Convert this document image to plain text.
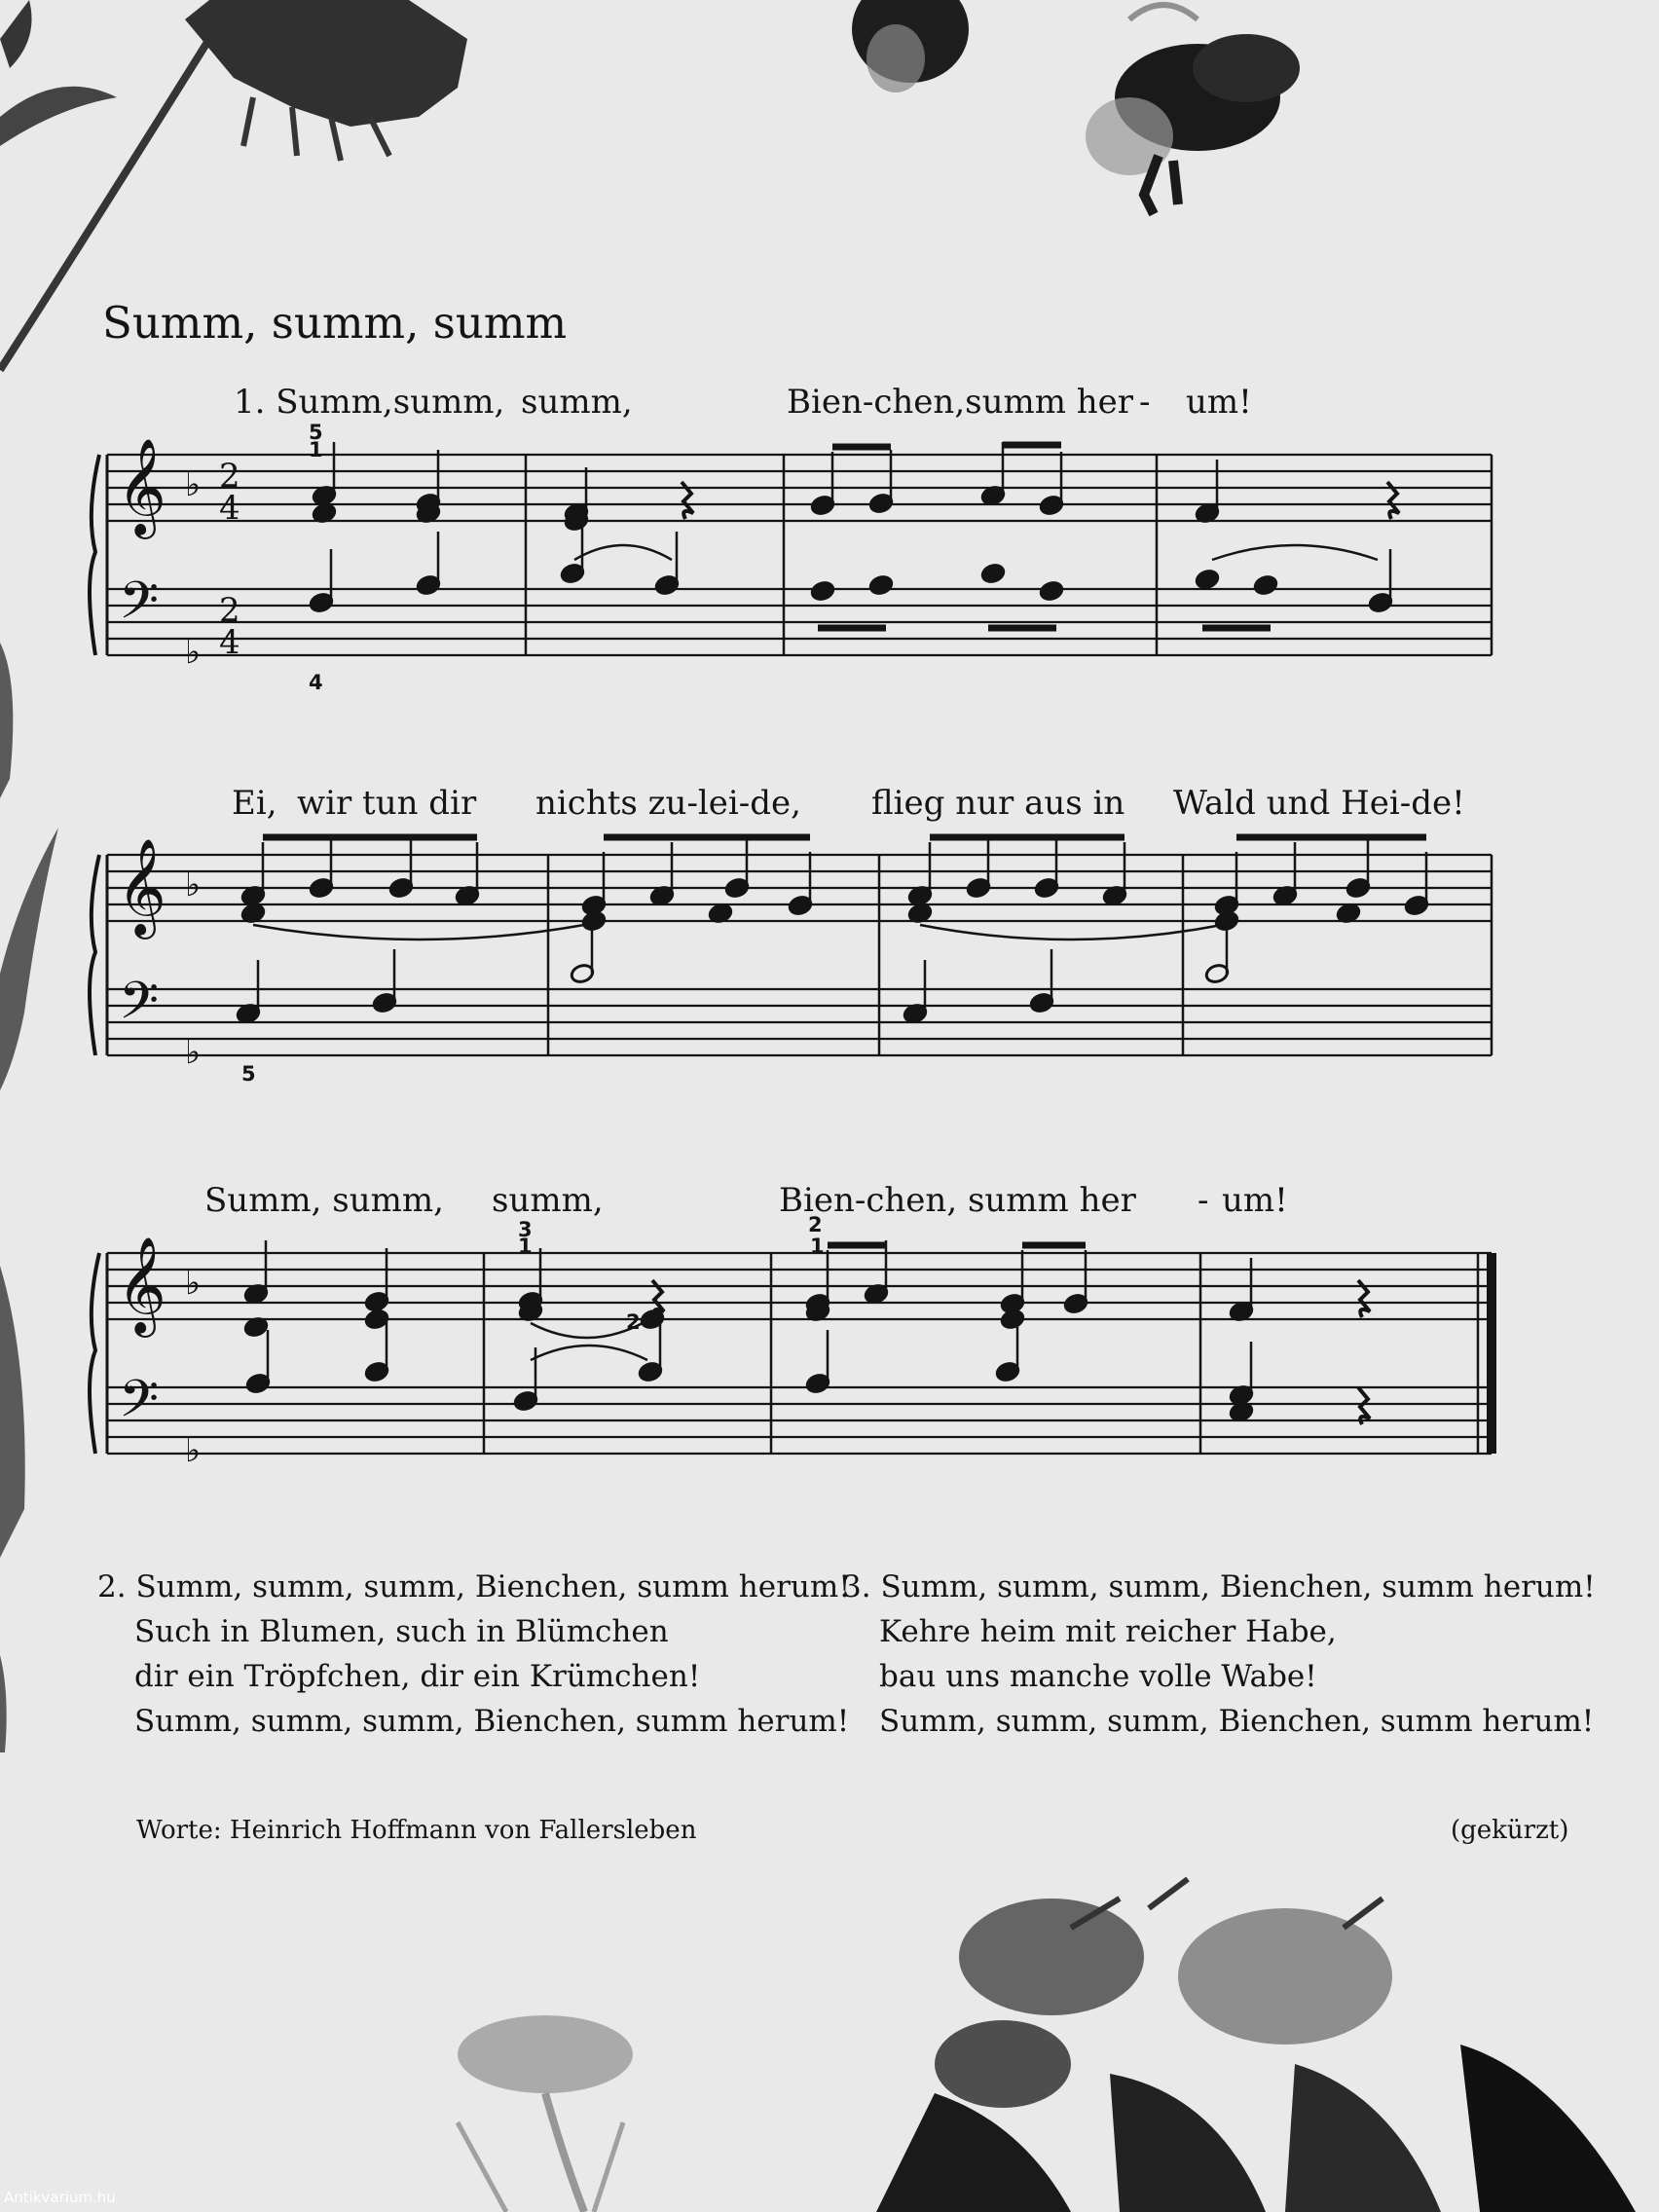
Summ, summ, summ
1. Summ,summ, summ,	Bien-chen,summ her - um!
Ei, wir tun dir nichts zu-lei-de, flieg nur aus in Wald und Hei-de!
Summ, summ, summ,	Bien-chen, summ her - um!
𝄞
𝄢
♭
♭
2
4
2
4
𝄞
𝄢
♭
♭
𝄞
𝄢
♭
♭
5
1
4
5
3
1
2
2
1
2. Summ, summ, summ, Bienchen, summ herum!
Such in Blumen, such in Blümchen
dir ein Tröpfchen, dir ein Krümchen!
Summ, summ, summ, Bienchen, summ herum!
3. Summ, summ, summ, Bienchen, summ herum!
Kehre heim mit reicher Habe,
bau uns manche volle Wabe!
Summ, summ, summ, Bienchen, summ herum!
Worte: Heinrich Hoffmann von Fallersleben	(gekürzt)
Antikvarium.hu
